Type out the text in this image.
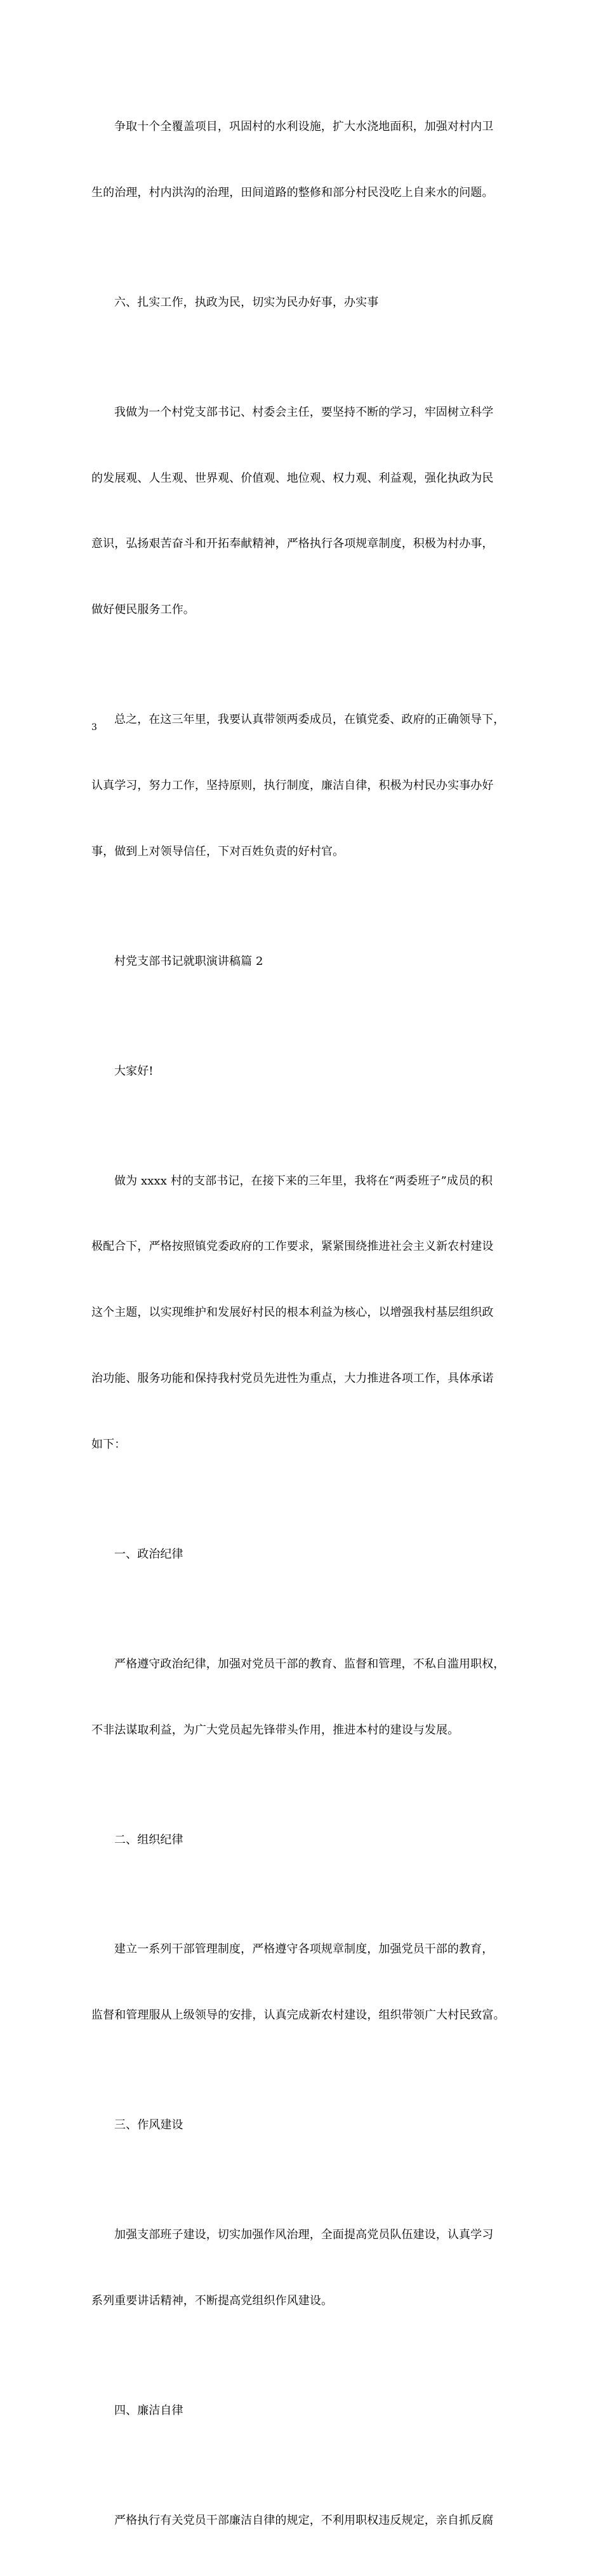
争取十个全覆盖项目，巩固村的水利设施，扩大水浇地面积，加强对村内卫

生的治理，村内洪沟的治理，田间道路的整修和部分村民没吃上自来水的问题。

六、扎实工作，执政为民，切实为民办好事，办实事

我做为一个村党支部书记、村委会主任，要坚持不断的学习，牢固树立科学

的发展观、人生观、世界观、价值观、地位观、权力观、利益观，强化执政为民

意识，弘扬艰苦奋斗和开拓奉献精神，严格执行各项规章制度，积极为村办事，

做好便民服务工作。

总之，在这三年里，我要认真带领两委成员，在镇党委、政府的正确领导下，

认真学习，努力工作，坚持原则，执行制度，廉洁自律，积极为村民办实事办好

事，做到上对领导信任，下对百姓负责的好村官。

村党支部书记就职演讲稿篇 2

大家好!

做为 xxxx 村的支部书记，在接下来的三年里，我将在“两委班子”成员的积

极配合下，严格按照镇党委政府的工作要求，紧紧围绕推进社会主义新农村建设

这个主题，以实现维护和发展好村民的根本利益为核心，以增强我村基层组织政

治功能、服务功能和保持我村党员先进性为重点，大力推进各项工作，具体承诺

如下：

一、政治纪律

严格遵守政治纪律，加强对党员干部的教育、监督和管理，不私自滥用职权，

不非法谋取利益，为广大党员起先锋带头作用，推进本村的建设与发展。

二、组织纪律

建立一系列干部管理制度，严格遵守各项规章制度，加强党员干部的教育，

监督和管理服从上级领导的安排，认真完成新农村建设，组织带领广大村民致富。

三、作风建设

加强支部班子建设，切实加强作风治理，全面提高党员队伍建设，认真学习

系列重要讲话精神，不断提高党组织作风建设。

四、廉洁自律

严格执行有关党员干部廉洁自律的规定，不利用职权违反规定，亲自抓反腐

3
